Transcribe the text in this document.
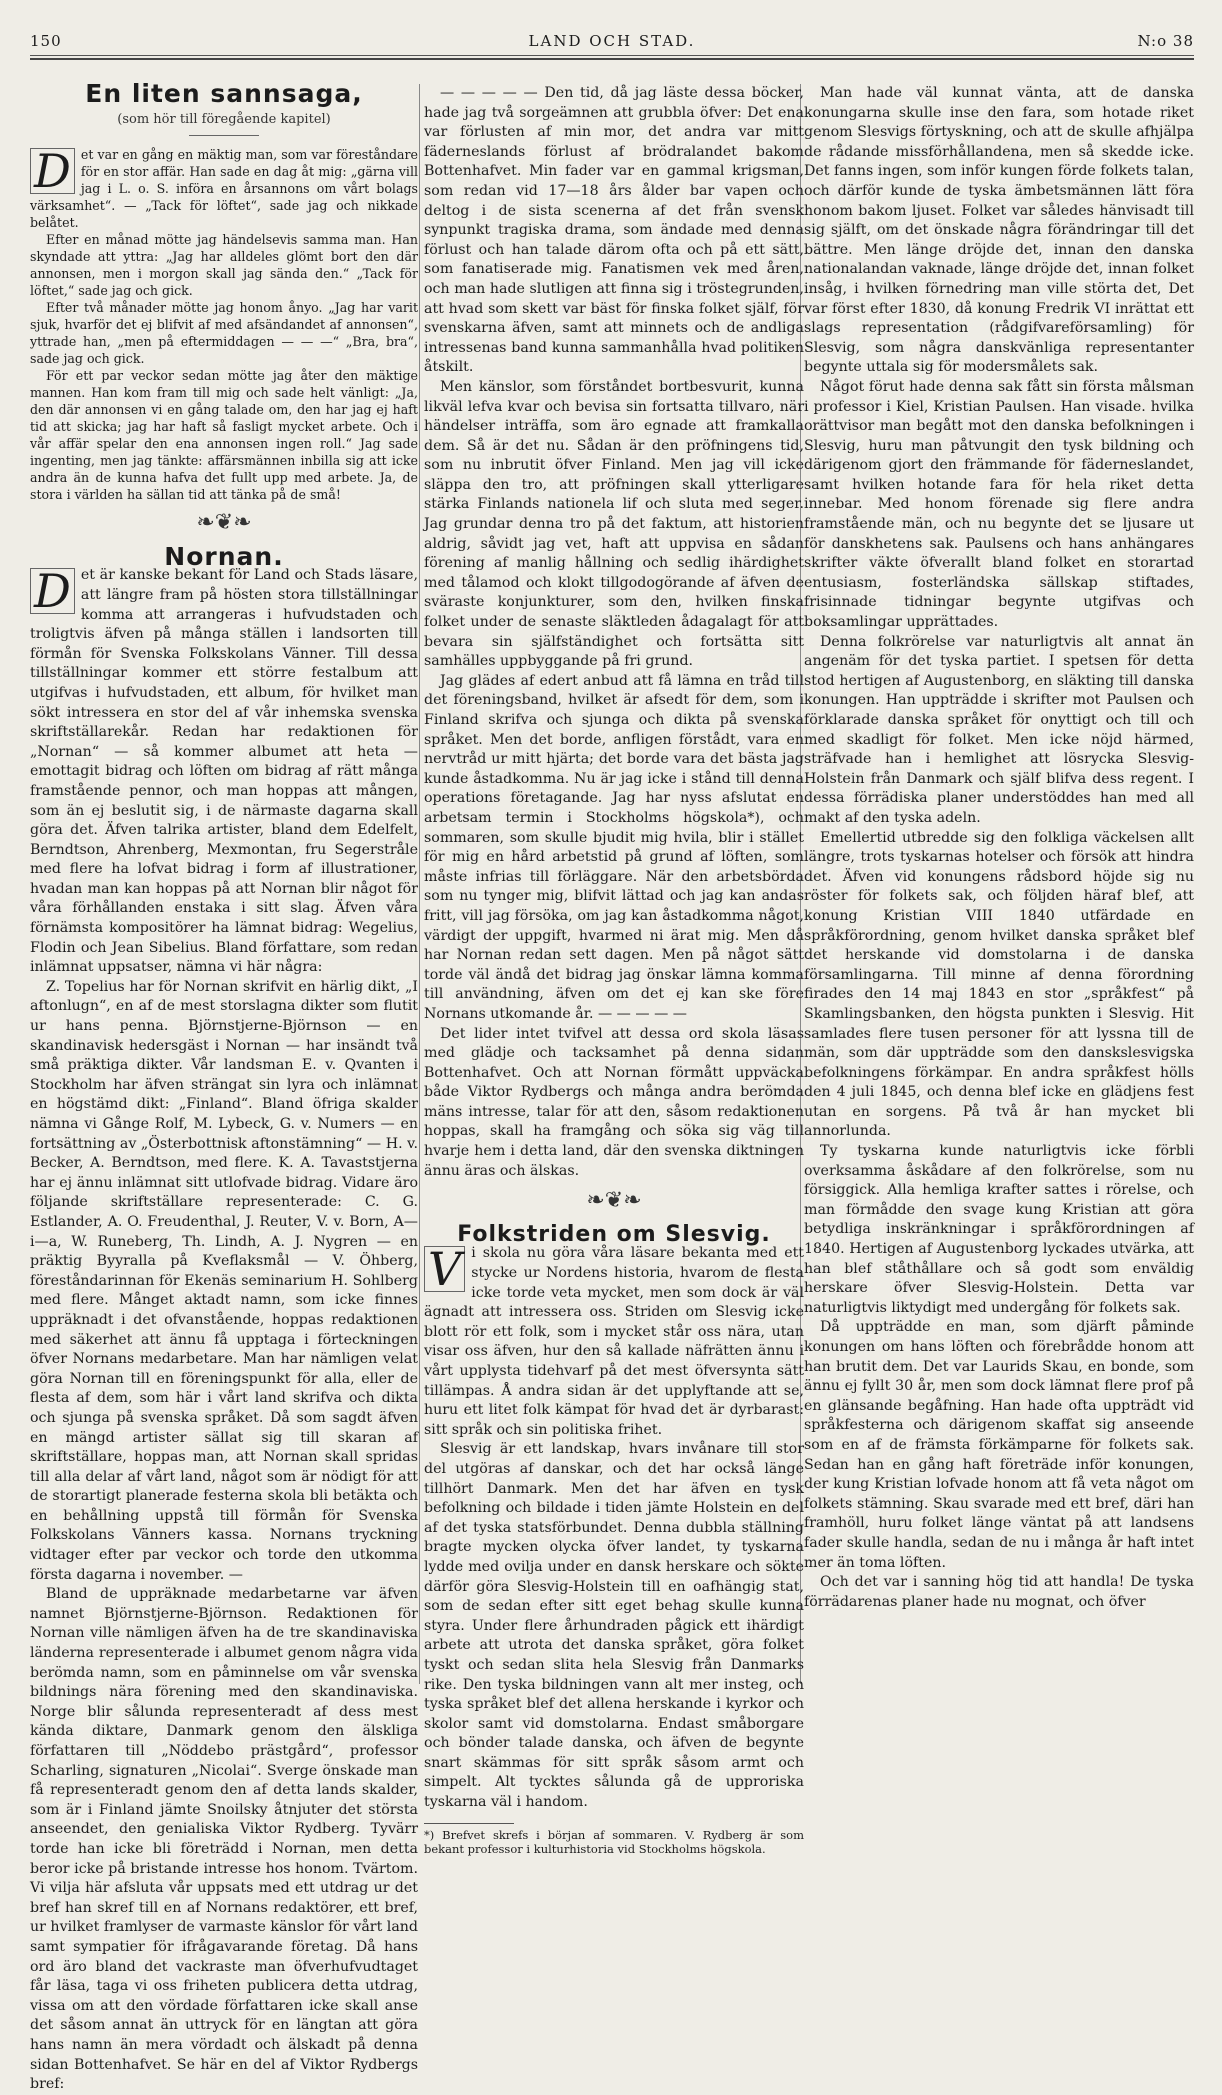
150	LAND OCH STAD.	N:o 38
En liten sannsaga,
(som hör till föregående kapitel)

D et var en gång en mäktig man, som var föreståndare för en stor affär. Han sade en dag åt mig: „gärna vill jag i L. o. S. införa en årsannons om vårt bolags värksamhet“. — „Tack för löftet“, sade jag och nikkade belåtet.

Efter en månad mötte jag händelsevis samma man. Han skyndade att yttra: „Jag har alldeles glömt bort den där annonsen, men i morgon skall jag sända den.“ „Tack för löftet,“ sade jag och gick.

Efter två månader mötte jag honom ånyo. „Jag har varit sjuk, hvarför det ej blifvit af med afsändandet af annonsen“, yttrade han, „men på eftermiddagen — — —“ „Bra, bra“, sade jag och gick.

För ett par veckor sedan mötte jag åter den mäktige mannen. Han kom fram till mig och sade helt vänligt: „Ja, den där annonsen vi en gång talade om, den har jag ej haft tid att skicka; jag har haft så fasligt mycket arbete. Och i vår affär spelar den ena annonsen ingen roll.“ Jag sade ingenting, men jag tänkte: affärsmännen inbilla sig att icke andra än de kunna hafva det fullt upp med arbete. Ja, de stora i världen ha sällan tid att tänka på de små!

❧❦❧
Nornan.

D et är kanske bekant för Land och Stads läsare, att längre fram på hösten stora tillställningar komma att arrangeras i hufvudstaden och troligtvis äfven på många ställen i landsorten till förmån för Svenska Folkskolans Vänner. Till dessa tillställningar kommer ett större festalbum att utgifvas i hufvudstaden, ett album, för hvilket man sökt intressera en stor del af vår inhemska svenska skriftställarekår. Redan har redaktionen för „Nornan“ — så kommer albumet att heta — emottagit bidrag och löften om bidrag af rätt många framstående pennor, och man hoppas att mången, som än ej beslutit sig, i de närmaste dagarna skall göra det. Äfven talrika artister, bland dem Edelfelt, Berndtson, Ahrenberg, Mexmontan, fru Segerstråle med flere ha lofvat bidrag i form af illustrationer, hvadan man kan hoppas på att Nornan blir något för våra förhållanden enstaka i sitt slag. Äfven våra förnämsta kompositörer ha lämnat bidrag: Wegelius, Flodin och Jean Sibelius. Bland författare, som redan inlämnat uppsatser, nämna vi här några:

Z. Topelius har för Nornan skrifvit en härlig dikt, „I aftonlugn“, en af de mest storslagna dikter som flutit ur hans penna. Björnstjerne-Björnson — en skandinavisk hedersgäst i Nornan — har insändt två små präktiga dikter. Vår landsman E. v. Qvanten i Stockholm har äfven strängat sin lyra och inlämnat en högstämd dikt: „Finland“. Bland öfriga skalder nämna vi Gånge Rolf, M. Lybeck, G. v. Numers — en fortsättning av „Österbottnisk aftonstämning“ — H. v. Becker, A. Berndtson, med flere. K. A. Tavaststjerna har ej ännu inlämnat sitt utlofvade bidrag. Vidare äro följande skriftställare representerade: C. G. Estlander, A. O. Freudenthal, J. Reuter, V. v. Born, A—i—a, W. Runeberg, Th. Lindh, A. J. Nygren — en präktig Byyralla på Kveflaksmål — V. Öhberg, föreståndarinnan för Ekenäs seminarium H. Sohlberg med flere. Månget aktadt namn, som icke finnes uppräknadt i det ofvanstående, hoppas redaktionen med säkerhet att ännu få upptaga i förteckningen öfver Nornans medarbetare. Man har nämligen velat göra Nornan till en föreningspunkt för alla, eller de flesta af dem, som här i vårt land skrifva och dikta och sjunga på svenska språket. Då som sagdt äfven en mängd artister sällat sig till skaran af skriftställare, hoppas man, att Nornan skall spridas till alla delar af vårt land, något som är nödigt för att de storartigt planerade festerna skola bli betäkta och en behållning uppstå till förmån för Svenska Folkskolans Vänners kassa. Nornans tryckning vidtager efter par veckor och torde den utkomma första dagarna i november. —

Bland de uppräknade medarbetarne var äfven namnet Björnstjerne-Björnson. Redaktionen för Nornan ville nämligen äfven ha de tre skandinaviska länderna representerade i albumet genom några vida berömda namn, som en påminnelse om vår svenska bildnings nära förening med den skandinaviska. Norge blir sålunda representeradt af dess mest kända diktare, Danmark genom den älskliga författaren till „Nöddebo prästgård“, professor Scharling, signaturen „Nicolai“. Sverge önskade man få representeradt genom den af detta lands skalder, som är i Finland jämte Snoilsky åtnjuter det största anseendet, den genialiska Viktor Rydberg. Tyvärr torde han icke bli företrädd i Nornan, men detta beror icke på bristande intresse hos honom. Tvärtom. Vi vilja här afsluta vår uppsats med ett utdrag ur det bref han skref till en af Nornans redaktörer, ett bref, ur hvilket framlyser de varmaste känslor för vårt land samt sympatier för ifrågavarande företag. Då hans ord äro bland det vackraste man öfverhufvudtaget får läsa, taga vi oss friheten publicera detta utdrag, vissa om att den vördade författaren icke skall anse det såsom annat än uttryck för en längtan att göra hans namn än mera vördadt och älskadt på denna sidan Bottenhafvet. Se här en del af Viktor Rydbergs bref:

— — — — — Den tid, då jag läste dessa böcker, hade jag två sorgeämnen att grubbla öfver: Det ena var förlusten af min mor, det andra var mitt fäderneslands förlust af brödralandet bakom Bottenhafvet. Min fader var en gammal krigsman, som redan vid 17—18 års ålder bar vapen och deltog i de sista scenerna af det från svensk synpunkt tragiska drama, som ändade med denna förlust och han talade därom ofta och på ett sätt, som fanatiserade mig. Fanatismen vek med åren, och man hade slutligen att finna sig i tröstegrunden, att hvad som skett var bäst för finska folket själf, för svenskarna äfven, samt att minnets och de andliga intressenas band kunna sammanhålla hvad politiken åtskilt.

Men känslor, som förståndet bortbesvurit, kunna likväl lefva kvar och bevisa sin fortsatta tillvaro, när händelser inträffa, som äro egnade att framkalla dem. Så är det nu. Sådan är den pröfningens tid, som nu inbrutit öfver Finland. Men jag vill icke släppa den tro, att pröfningen skall ytterligare stärka Finlands nationela lif och sluta med seger. Jag grundar denna tro på det faktum, att historien aldrig, såvidt jag vet, haft att uppvisa en sådan förening af manlig hållning och sedlig ihärdighet med tålamod och klokt tillgodogörande af äfven de sväraste konjunkturer, som den, hvilken finska folket under de senaste släktleden ådagalagt för att bevara sin själfständighet och fortsätta sitt samhälles uppbyggande på fri grund.

Jag glädes af edert anbud att få lämna en tråd till det föreningsband, hvilket är afsedt för dem, som i Finland skrifva och sjunga och dikta på svenska språket. Men det borde, anfligen förstådt, vara en nervtråd ur mitt hjärta; det borde vara det bästa jag kunde åstadkomma. Nu är jag icke i stånd till denna operations företagande. Jag har nyss afslutat en arbetsam termin i Stockholms högskola*), och sommaren, som skulle bjudit mig hvila, blir i stället för mig en hård arbetstid på grund af löften, som måste infrias till förläggare. När den arbetsbörda som nu tynger mig, blifvit lättad och jag kan andas fritt, vill jag försöka, om jag kan åstadkomma något, värdigt der uppgift, hvarmed ni ärat mig. Men då har Nornan redan sett dagen. Men på något sätt torde väl ändå det bidrag jag önskar lämna komma till användning, äfven om det ej kan ske före Nornans utkomande år. — — — — —

Det lider intet tvifvel att dessa ord skola läsas med glädje och tacksamhet på denna sidan Bottenhafvet. Och att Nornan förmått uppväcka både Viktor Rydbergs och många andra berömda mäns intresse, talar för att den, såsom redaktionen hoppas, skall ha framgång och söka sig väg till hvarje hem i detta land, där den svenska diktningen ännu äras och älskas.

❧❦❧
Folkstriden om Slesvig.

V i skola nu göra våra läsare bekanta med ett stycke ur Nordens historia, hvarom de flesta icke torde veta mycket, men som dock är väl ägnadt att intressera oss. Striden om Slesvig icke blott rör ett folk, som i mycket står oss nära, utan visar oss äfven, hur den så kallade näfrätten ännu i vårt upplysta tidehvarf på det mest öfversynta sätt tillämpas. Å andra sidan är det upplyftande att se, huru ett litet folk kämpat för hvad det är dyrbarast: sitt språk och sin politiska frihet.

Slesvig är ett landskap, hvars invånare till stor del utgöras af danskar, och det har också länge tillhört Danmark. Men det har äfven en tysk befolkning och bildade i tiden jämte Holstein en del af det tyska statsförbundet. Denna dubbla ställning bragte mycken olycka öfver landet, ty tyskarna lydde med ovilja under en dansk herskare och sökte därför göra Slesvig-Holstein till en oafhängig stat, som de sedan efter sitt eget behag skulle kunna styra. Under flere århundraden pågick ett ihärdigt arbete att utrota det danska språket, göra folket tyskt och sedan slita hela Slesvig från Danmarks rike. Den tyska bildningen vann alt mer insteg, och tyska språket blef det allena herskande i kyrkor och skolor samt vid domstolarna. Endast småborgare och bönder talade danska, och äfven de begynte snart skämmas för sitt språk såsom armt och simpelt. Alt tycktes sålunda gå de upproriska tyskarna väl i handom.

*) Brefvet skrefs i början af sommaren. V. Rydberg är som bekant professor i kulturhistoria vid Stockholms högskola.

Man hade väl kunnat vänta, att de danska konungarna skulle inse den fara, som hotade riket genom Slesvigs förtyskning, och att de skulle afhjälpa de rådande missförhållandena, men så skedde icke. Det fanns ingen, som inför kungen förde folkets talan, och därför kunde de tyska ämbetsmännen lätt föra honom bakom ljuset. Folket var således hänvisadt till sig själft, om det önskade några förändringar till det bättre. Men länge dröjde det, innan den danska nationalandan vaknade, länge dröjde det, innan folket insåg, i hvilken förnedring man ville störta det, Det var först efter 1830, då konung Fredrik VI inrättat ett slags representation (rådgifvareförsamling) för Slesvig, som några danskvänliga representanter begynte uttala sig för modersmålets sak.

Något förut hade denna sak fått sin första målsman i professor i Kiel, Kristian Paulsen. Han visade. hvilka orättvisor man begått mot den danska befolkningen i Slesvig, huru man påtvungit den tysk bildning och därigenom gjort den främmande för fäderneslandet, samt hvilken hotande fara för hela riket detta innebar. Med honom förenade sig flere andra framstående män, och nu begynte det se ljusare ut för danskhetens sak. Paulsens och hans anhängares skrifter väkte öfverallt bland folket en storartad entusiasm, fosterländska sällskap stiftades, frisinnade tidningar begynte utgifvas och boksamlingar upprättades.

Denna folkrörelse var naturligtvis alt annat än angenäm för det tyska partiet. I spetsen för detta stod hertigen af Augustenborg, en släkting till danska konungen. Han uppträdde i skrifter mot Paulsen och förklarade danska språket för onyttigt och till och med skadligt för folket. Men icke nöjd härmed, sträfvade han i hemlighet att lösrycka Slesvig-Holstein från Danmark och själf blifva dess regent. I dessa förrädiska planer understöddes han med all makt af den tyska adeln.

Emellertid utbredde sig den folkliga väckelsen allt längre, trots tyskarnas hotelser och försök att hindra det. Äfven vid konungens rådsbord höjde sig nu röster för folkets sak, och följden häraf blef, att konung Kristian VIII 1840 utfärdade en språkförordning, genom hvilket danska språket blef det herskande vid domstolarna i de danska församlingarna. Till minne af denna förordning firades den 14 maj 1843 en stor „språkfest“ på Skamlingsbanken, den högsta punkten i Slesvig. Hit samlades flere tusen personer för att lyssna till de män, som där uppträdde som den danskslesvigska befolkningens förkämpar. En andra språkfest hölls den 4 juli 1845, och denna blef icke en glädjens fest utan en sorgens. På två år han mycket bli annorlunda.

Ty tyskarna kunde naturligtvis icke förbli overksamma åskådare af den folkrörelse, som nu försiggick. Alla hemliga krafter sattes i rörelse, och man förmådde den svage kung Kristian att göra betydliga inskränkningar i språkförordningen af 1840. Hertigen af Augustenborg lyckades utvärka, att han blef ståthållare och så godt som enväldig herskare öfver Slesvig-Holstein. Detta var naturligtvis liktydigt med undergång för folkets sak.

Då uppträdde en man, som djärft påminde konungen om hans löften och förebrådde honom att han brutit dem. Det var Laurids Skau, en bonde, som ännu ej fyllt 30 år, men som dock lämnat flere prof på en glänsande begåfning. Han hade ofta uppträdt vid språkfesterna och därigenom skaffat sig anseende som en af de främsta förkämparne för folkets sak. Sedan han en gång haft företräde inför konungen, der kung Kristian lofvade honom att få veta något om folkets stämning. Skau svarade med ett bref, däri han framhöll, huru folket länge väntat på att landsens fader skulle handla, sedan de nu i många år haft intet mer än toma löften.

Och det var i sanning hög tid att handla! De tyska förrädarenas planer hade nu mognat, och öfver
